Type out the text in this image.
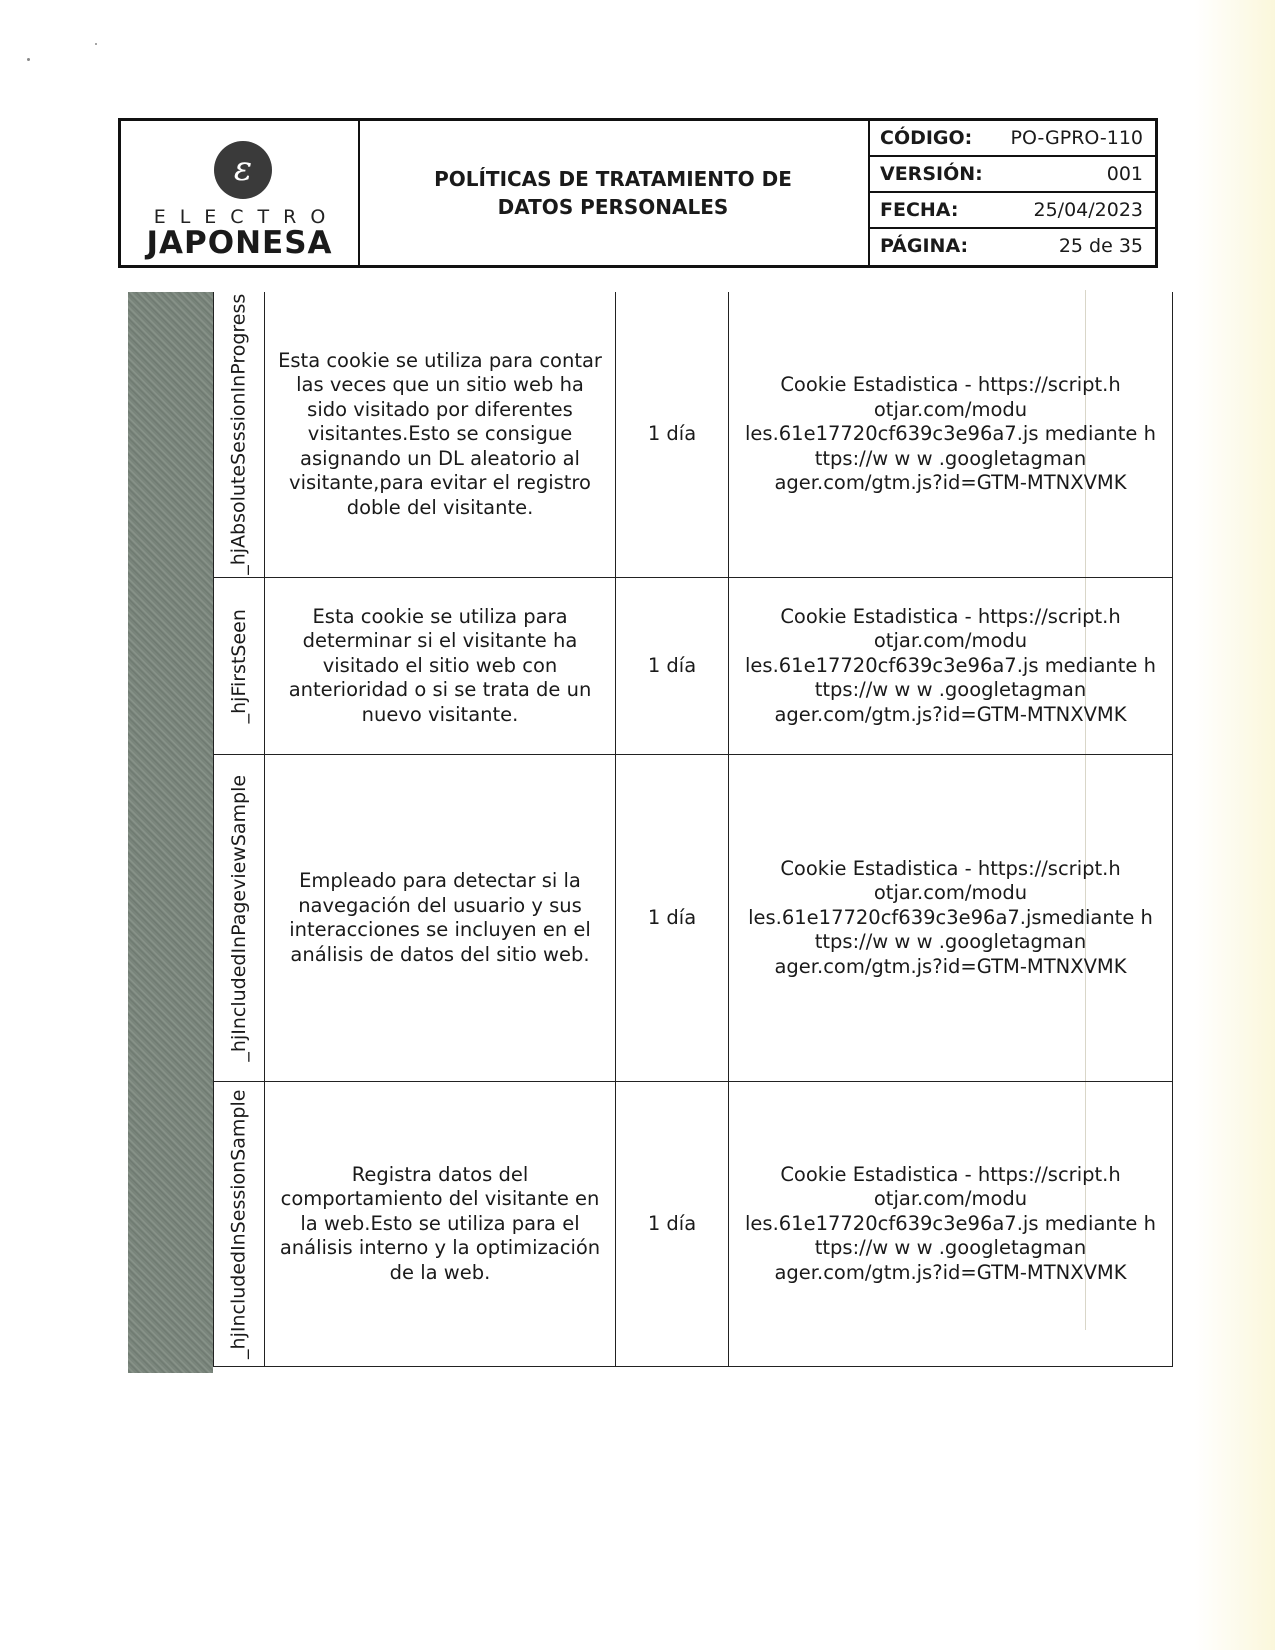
ε
ELECTRO
JAPONESA
POLÍTICAS DE TRATAMIENTO DE DATOS PERSONALES
CÓDIGO: PO-GPRO-110
VERSIÓN:	001
FECHA:	25/04/2023
PÁGINA:	25 de 35
_hjAbsoluteSessionInProgress	Esta cookie se utiliza para contar las veces que un sitio web ha sido visitado por diferentes visitantes.Esto se consigue asignando un DL aleatorio al visitante,para evitar el registro doble del visitante.
1 día
Cookie Estadistica - https://script.h otjar.com/modu les.61e17720cf639c3e96a7.js mediante h ttps://w w w .googletagman ager.com/gtm.js?id=GTM-MTNXVMK
_hjFirstSeen	Esta cookie se utiliza para determinar si el visitante ha visitado el sitio web con anterioridad o si se trata de un nuevo visitante.
1 día
Cookie Estadistica - https://script.h otjar.com/modu les.61e17720cf639c3e96a7.js mediante h ttps://w w w .googletagman ager.com/gtm.js?id=GTM-MTNXVMK
_hjIncludedInPageviewSample	Empleado para detectar si la navegación del usuario y sus interacciones se incluyen en el análisis de datos del sitio web.
1 día
Cookie Estadistica - https://script.h otjar.com/modu les.61e17720cf639c3e96a7.jsmediante h ttps://w w w .googletagman ager.com/gtm.js?id=GTM-MTNXVMK
_hjIncludedInSessionSample	Registra datos del comportamiento del visitante en la web.Esto se utiliza para el análisis interno y la optimización de la web.
1 día
Cookie Estadistica - https://script.h otjar.com/modu les.61e17720cf639c3e96a7.js mediante h ttps://w w w .googletagman ager.com/gtm.js?id=GTM-MTNXVMK
